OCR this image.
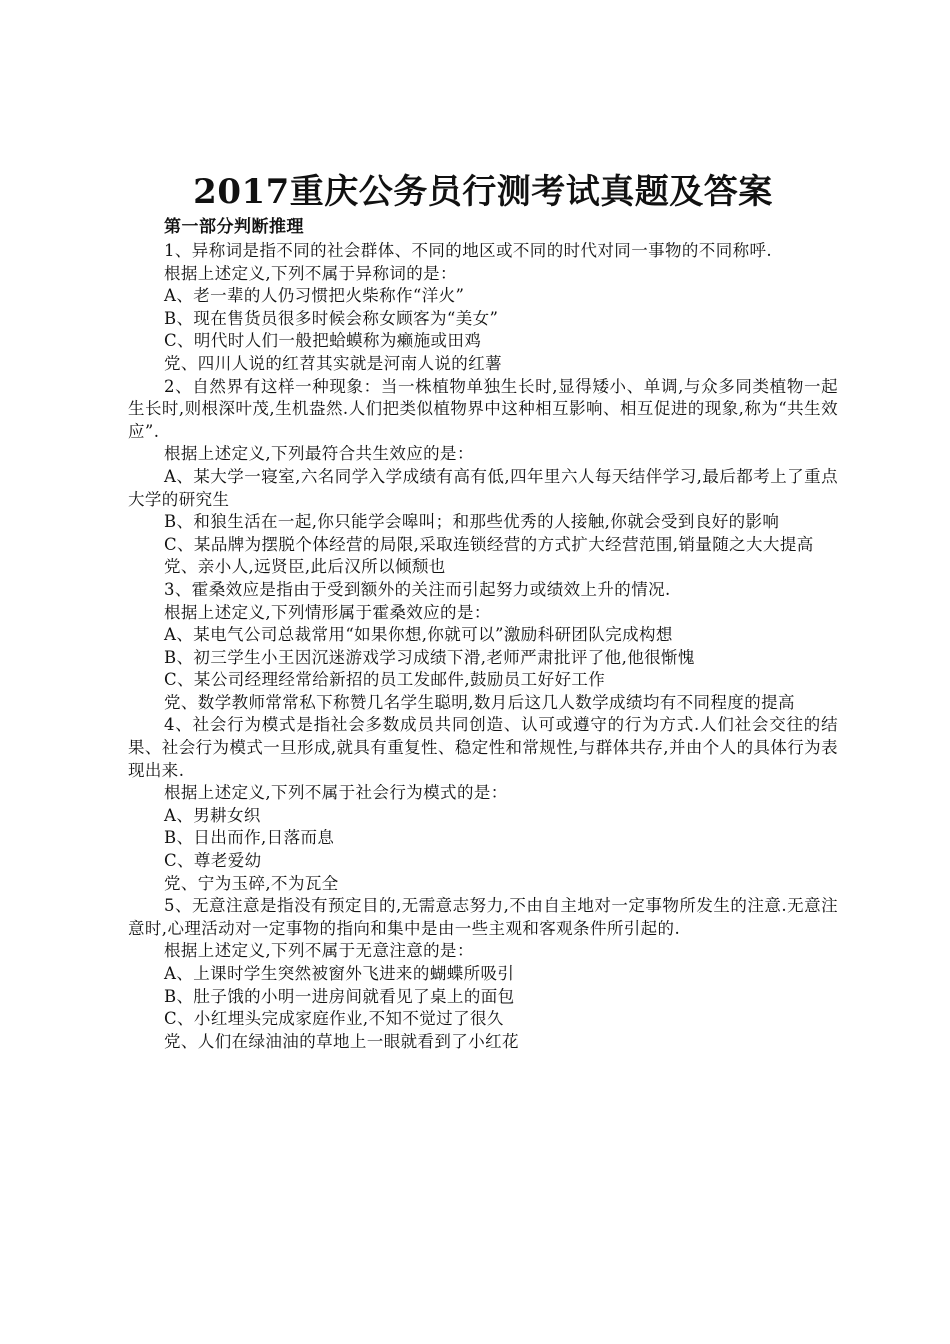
2017重庆公务员行测考试真题及答案
第一部分判断推理

1、异称词是指不同的社会群体、不同的地区或不同的时代对同一事物的不同称呼.

根据上述定义,下列不属于异称词的是：

A、老一辈的人仍习惯把火柴称作“洋火”

B、现在售货员很多时候会称女顾客为“美女”

C、明代时人们一般把蛤蟆称为癞施或田鸡

党、四川人说的红苕其实就是河南人说的红薯

2、自然界有这样一种现象：当一株植物单独生长时,显得矮小、单调,与众多同类植物一起生长时,则根深叶茂,生机盎然.人们把类似植物界中这种相互影响、相互促进的现象,称为“共生效应”.

根据上述定义,下列最符合共生效应的是：

A、某大学一寝室,六名同学入学成绩有高有低,四年里六人每天结伴学习,最后都考上了重点大学的研究生

B、和狼生活在一起,你只能学会嗥叫；和那些优秀的人接触,你就会受到良好的影响

C、某品牌为摆脱个体经营的局限,采取连锁经营的方式扩大经营范围,销量随之大大提高

党、亲小人,远贤臣,此后汉所以倾颓也

3、霍桑效应是指由于受到额外的关注而引起努力或绩效上升的情况.

根据上述定义,下列情形属于霍桑效应的是：

A、某电气公司总裁常用“如果你想,你就可以”激励科研团队完成构想

B、初三学生小王因沉迷游戏学习成绩下滑,老师严肃批评了他,他很惭愧

C、某公司经理经常给新招的员工发邮件,鼓励员工好好工作

党、数学教师常常私下称赞几名学生聪明,数月后这几人数学成绩均有不同程度的提高

4、社会行为模式是指社会多数成员共同创造、认可或遵守的行为方式.人们社会交往的结果、社会行为模式一旦形成,就具有重复性、稳定性和常规性,与群体共存,并由个人的具体行为表现出来.

根据上述定义,下列不属于社会行为模式的是：

A、男耕女织

B、日出而作,日落而息

C、尊老爱幼

党、宁为玉碎,不为瓦全

5、无意注意是指没有预定目的,无需意志努力,不由自主地对一定事物所发生的注意.无意注意时,心理活动对一定事物的指向和集中是由一些主观和客观条件所引起的.

根据上述定义,下列不属于无意注意的是：

A、上课时学生突然被窗外飞进来的蝴蝶所吸引

B、肚子饿的小明一进房间就看见了桌上的面包

C、小红埋头完成家庭作业,不知不觉过了很久

党、人们在绿油油的草地上一眼就看到了小红花
